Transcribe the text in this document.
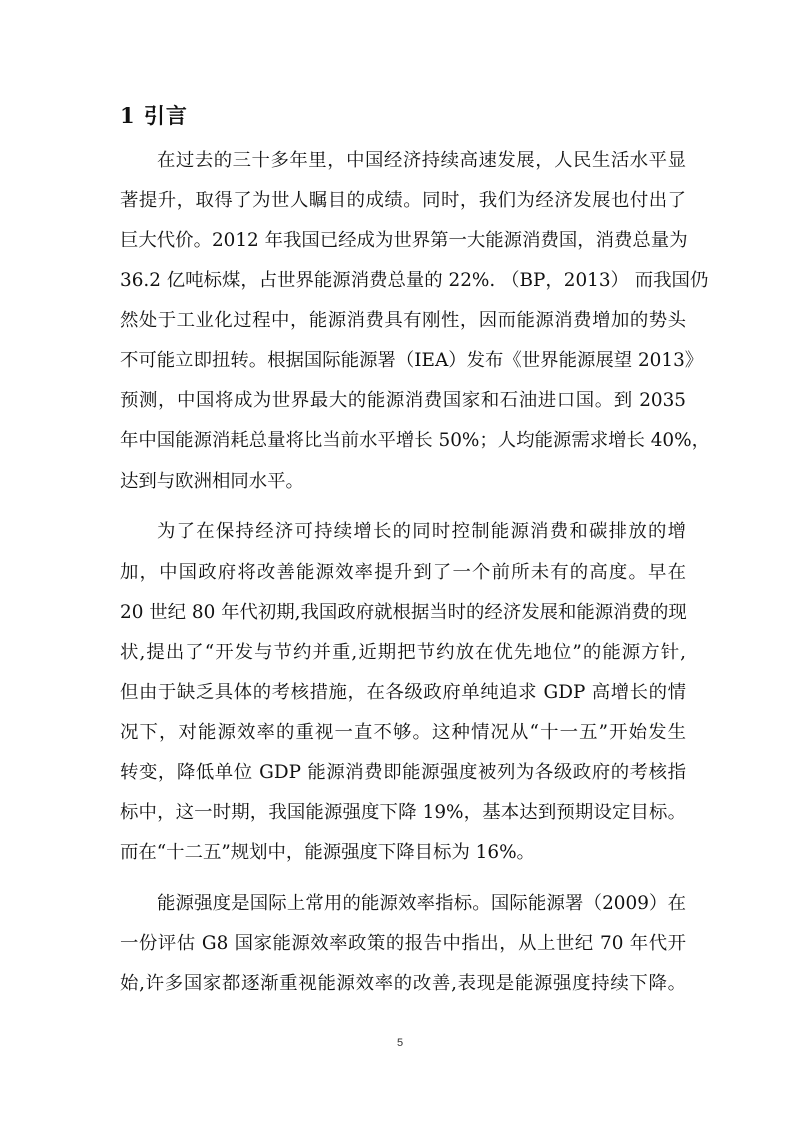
1 引言

在过去的三十多年里，中国经济持续高速发展，人民生活水平显

著提升，取得了为世人瞩目的成绩。同时，我们为经济发展也付出了

巨大代价。2012 年我国已经成为世界第一大能源消费国，消费总量为

36.2 亿吨标煤，占世界能源消费总量的 22%. （BP，2013） 而我国仍

然处于工业化过程中，能源消费具有刚性，因而能源消费增加的势头

不可能立即扭转。根据国际能源署（IEA）发布《世界能源展望 2013》

预测，中国将成为世界最大的能源消费国家和石油进口国。到 2035

年中国能源消耗总量将比当前水平增长 50%；人均能源需求增长 40%，

达到与欧洲相同水平。

为了在保持经济可持续增长的同时控制能源消费和碳排放的增

加，中国政府将改善能源效率提升到了一个前所未有的高度。早在

20 世纪 80 年代初期,我国政府就根据当时的经济发展和能源消费的现

状,提出了“开发与节约并重,近期把节约放在优先地位”的能源方针,

但由于缺乏具体的考核措施，在各级政府单纯追求 GDP 高增长的情

况下，对能源效率的重视一直不够。这种情况从“十一五”开始发生

转变，降低单位 GDP 能源消费即能源强度被列为各级政府的考核指

标中，这一时期，我国能源强度下降 19%，基本达到预期设定目标。

而在“十二五”规划中，能源强度下降目标为 16%。

能源强度是国际上常用的能源效率指标。国际能源署（2009）在

一份评估 G8 国家能源效率政策的报告中指出，从上世纪 70 年代开

始,许多国家都逐渐重视能源效率的改善,表现是能源强度持续下降。

5
